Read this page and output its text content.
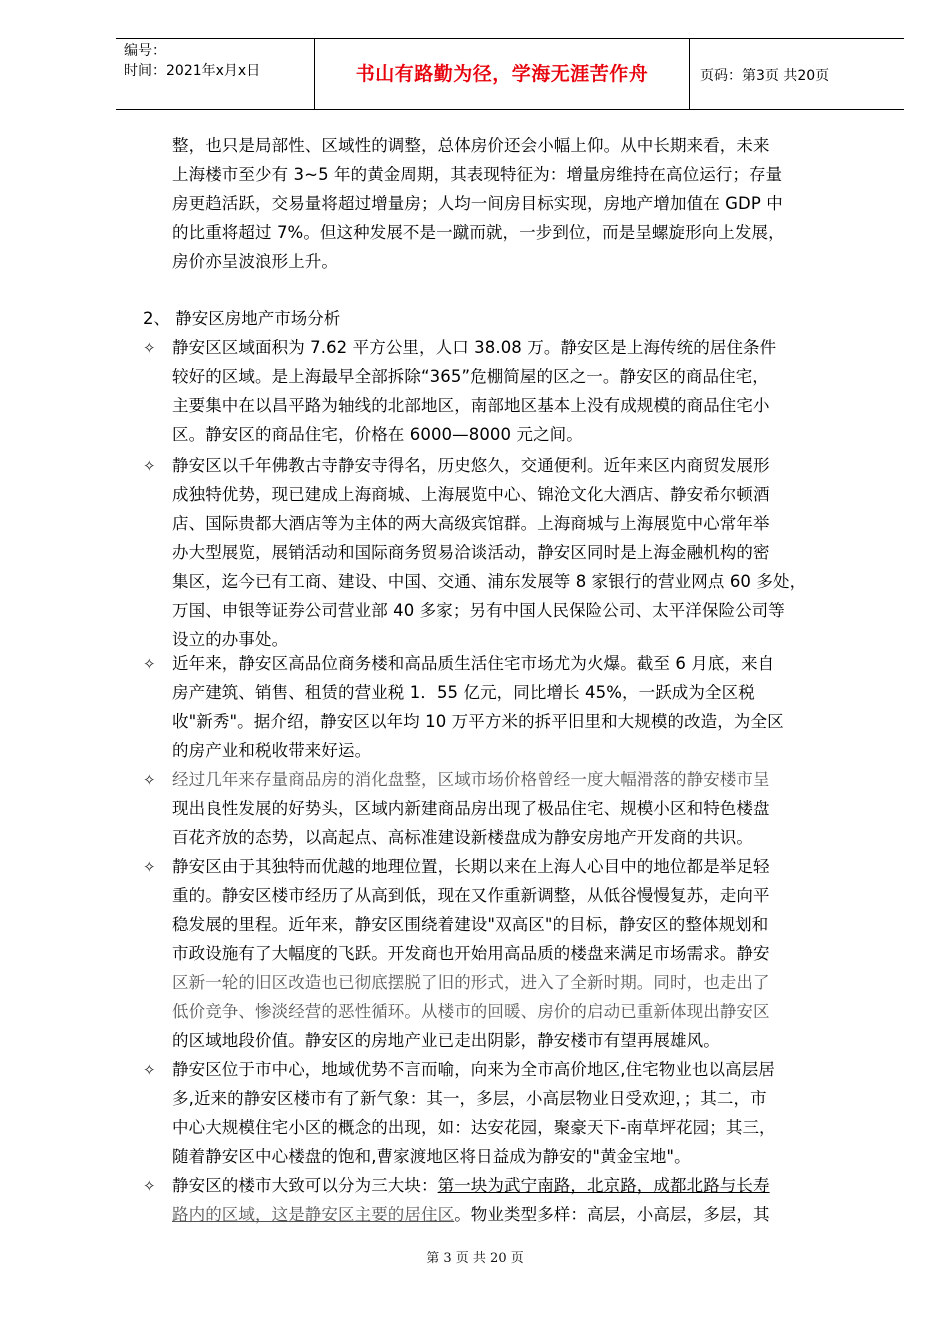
编号：
时间：2021年x月x日	书山有路勤为径，学海无涯苦作舟	页码：第3页 共20页
整，也只是局部性、区域性的调整，总体房价还会小幅上仰。从中长期来看，未来
上海楼市至少有 3~5 年的黄金周期，其表现特征为：增量房维持在高位运行；存量
房更趋活跃，交易量将超过增量房；人均一间房目标实现，房地产增加值在 GDP 中
的比重将超过 7%。但这种发展不是一蹴而就，一步到位，而是呈螺旋形向上发展，
房价亦呈波浪形上升。
2、 静安区房地产市场分析
✧ 静安区区域面积为 7.62 平方公里，人口 38.08 万。静安区是上海传统的居住条件
较好的区域。是上海最早全部拆除“365”危棚简屋的区之一。静安区的商品住宅，
主要集中在以昌平路为轴线的北部地区，南部地区基本上没有成规模的商品住宅小
区。静安区的商品住宅，价格在 6000—8000 元之间。
✧ 静安区以千年佛教古寺静安寺得名，历史悠久，交通便利。近年来区内商贸发展形
成独特优势，现已建成上海商城、上海展览中心、锦沧文化大酒店、静安希尔顿酒
店、国际贵都大酒店等为主体的两大高级宾馆群。上海商城与上海展览中心常年举
办大型展览，展销活动和国际商务贸易洽谈活动，静安区同时是上海金融机构的密
集区，迄今已有工商、建设、中国、交通、浦东发展等 8 家银行的营业网点 60 多处，
万国、申银等证券公司营业部 40 多家；另有中国人民保险公司、太平洋保险公司等
设立的办事处。
✧ 近年来，静安区高品位商务楼和高品质生活住宅市场尤为火爆。截至 6 月底，来自
房产建筑、销售、租赁的营业税 1．55 亿元，同比增长 45%，一跃成为全区税
收"新秀"。据介绍，静安区以年均 10 万平方米的拆平旧里和大规模的改造，为全区
的房产业和税收带来好运。
✧ 经过几年来存量商品房的消化盘整，区域市场价格曾经一度大幅滑落的静安楼市呈
现出良性发展的好势头，区域内新建商品房出现了极品住宅、规模小区和特色楼盘
百花齐放的态势，以高起点、高标准建设新楼盘成为静安房地产开发商的共识。
✧ 静安区由于其独特而优越的地理位置，长期以来在上海人心目中的地位都是举足轻
重的。静安区楼市经历了从高到低，现在又作重新调整，从低谷慢慢复苏，走向平
稳发展的里程。近年来，静安区围绕着建设"双高区"的目标，静安区的整体规划和
市政设施有了大幅度的飞跃。开发商也开始用高品质的楼盘来满足市场需求。静安
区新一轮的旧区改造也已彻底摆脱了旧的形式，进入了全新时期。同时，也走出了
低价竞争、惨淡经营的恶性循环。从楼市的回暖、房价的启动已重新体现出静安区
的区域地段价值。静安区的房地产业已走出阴影，静安楼市有望再展雄风。
✧ 静安区位于市中心，地域优势不言而喻，向来为全市高价地区,住宅物业也以高层居
多,近来的静安区楼市有了新气象：其一，多层，小高层物业日受欢迎，；其二，市
中心大规模住宅小区的概念的出现，如：达安花园，聚豪天下-南草坪花园；其三，
随着静安区中心楼盘的饱和,曹家渡地区将日益成为静安的"黄金宝地"。
✧ 静安区的楼市大致可以分为三大块：第一块为武宁南路，北京路，成都北路与长寿
路内的区域，这是静安区主要的居住区。物业类型多样：高层，小高层，多层，其
第 3 页 共 20 页
